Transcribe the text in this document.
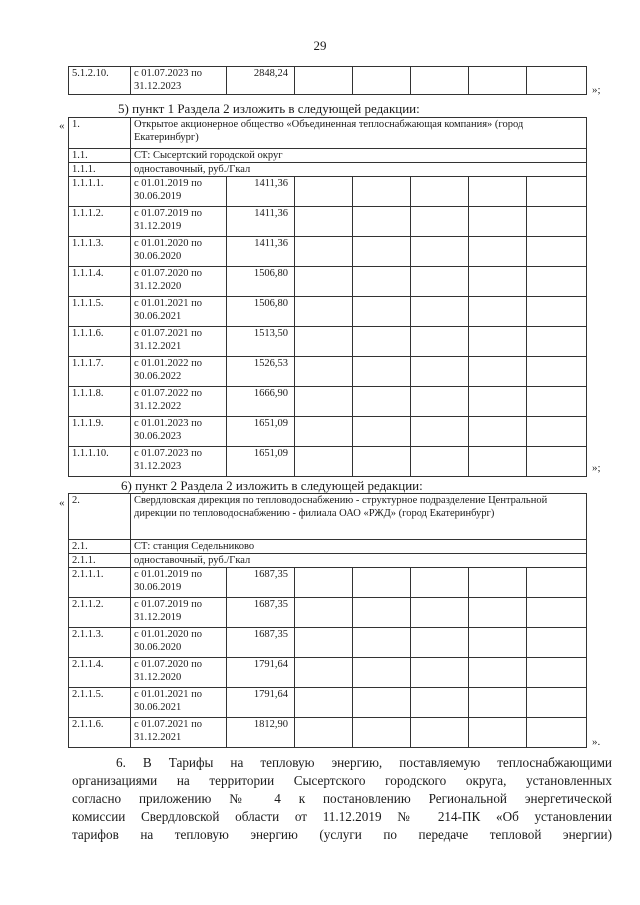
29
5.1.2.10.	с 01.07.2023 по
31.12.2023
	2848,24					
»;
5) пункт 1 Раздела 2 изложить в следующей редакции:
« 1.	Открытое акционерное общество «Объединенная теплоснабжающая компания» (город Екатеринбург)						
1.1.	СТ: Сысертский городской округ						
1.1.1.	одноставочный, руб./Гкал						
1.1.1.1.	с 01.01.2019 по
30.06.2019	1411,36					
1.1.1.2.	с 01.07.2019 по
31.12.2019	1411,36					
1.1.1.3.	с 01.01.2020 по
30.06.2020	1411,36					
1.1.1.4.	с 01.07.2020 по
31.12.2020	1506,80					
1.1.1.5.	с 01.01.2021 по
30.06.2021	1506,80					
1.1.1.6.	с 01.07.2021 по
31.12.2021	1513,50					
1.1.1.7.	с 01.01.2022 по
30.06.2022	1526,53					
1.1.1.8.	с 01.07.2022 по
31.12.2022	1666,90					
1.1.1.9.	с 01.01.2023 по
30.06.2023	1651,09					
1.1.1.10.	с 01.07.2023 по
31.12.2023	1651,09					
»;
6) пункт 2 Раздела 2 изложить в следующей редакции:
« 2.	Свердловская дирекция по тепловодоснабжению - структурное подразделение Центральной дирекции по тепловодоснабжению - филиала ОАО «РЖД» (город Екатеринбург)						
2.1.	СТ: станция Седельниково						
2.1.1.	одноставочный, руб./Гкал						
2.1.1.1.	с 01.01.2019 по
30.06.2019	1687,35					
2.1.1.2.	с 01.07.2019 по
31.12.2019	1687,35					
2.1.1.3.	с 01.01.2020 по
30.06.2020	1687,35					
2.1.1.4.	с 01.07.2020 по
31.12.2020	1791,64					
2.1.1.5.	с 01.01.2021 по
30.06.2021	1791,64					
2.1.1.6.	с 01.07.2021 по
31.12.2021	1812,90					
».
6. В Тарифы на тепловую энергию, поставляемую теплоснабжающими
организациями на территории Сысертского городского округа, установленных
согласно приложению № 4 к постановлению Региональной энергетической
комиссии Свердловской области от 11.12.2019 № 214-ПК «Об установлении
тарифов на тепловую энергию (услуги по передаче тепловой энергии)
